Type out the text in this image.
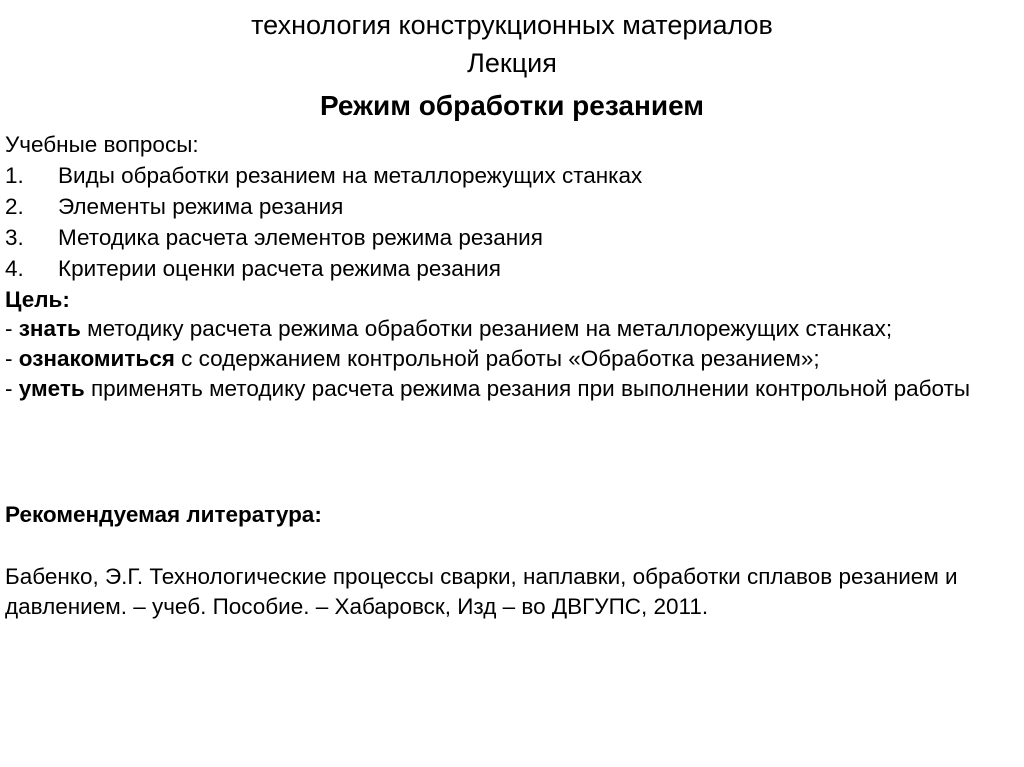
технология конструкционных материалов
Лекция
Режим обработки резанием
Учебные вопросы:
1. Виды обработки резанием на металлорежущих станках
2. Элементы режима резания
3. Методика расчета элементов режима резания
4. Критерии оценки расчета режима резания
Цель:
- знать методику расчета режима обработки резанием на металлорежущих станках;
- ознакомиться с содержанием контрольной работы «Обработка резанием»;
- уметь применять методику расчета режима резания при выполнении контрольной работы
Рекомендуемая литература:

Бабенко, Э.Г. Технологические процессы сварки, наплавки, обработки сплавов резанием и давлением. – учеб. Пособие. – Хабаровск, Изд – во ДВГУПС, 2011.
